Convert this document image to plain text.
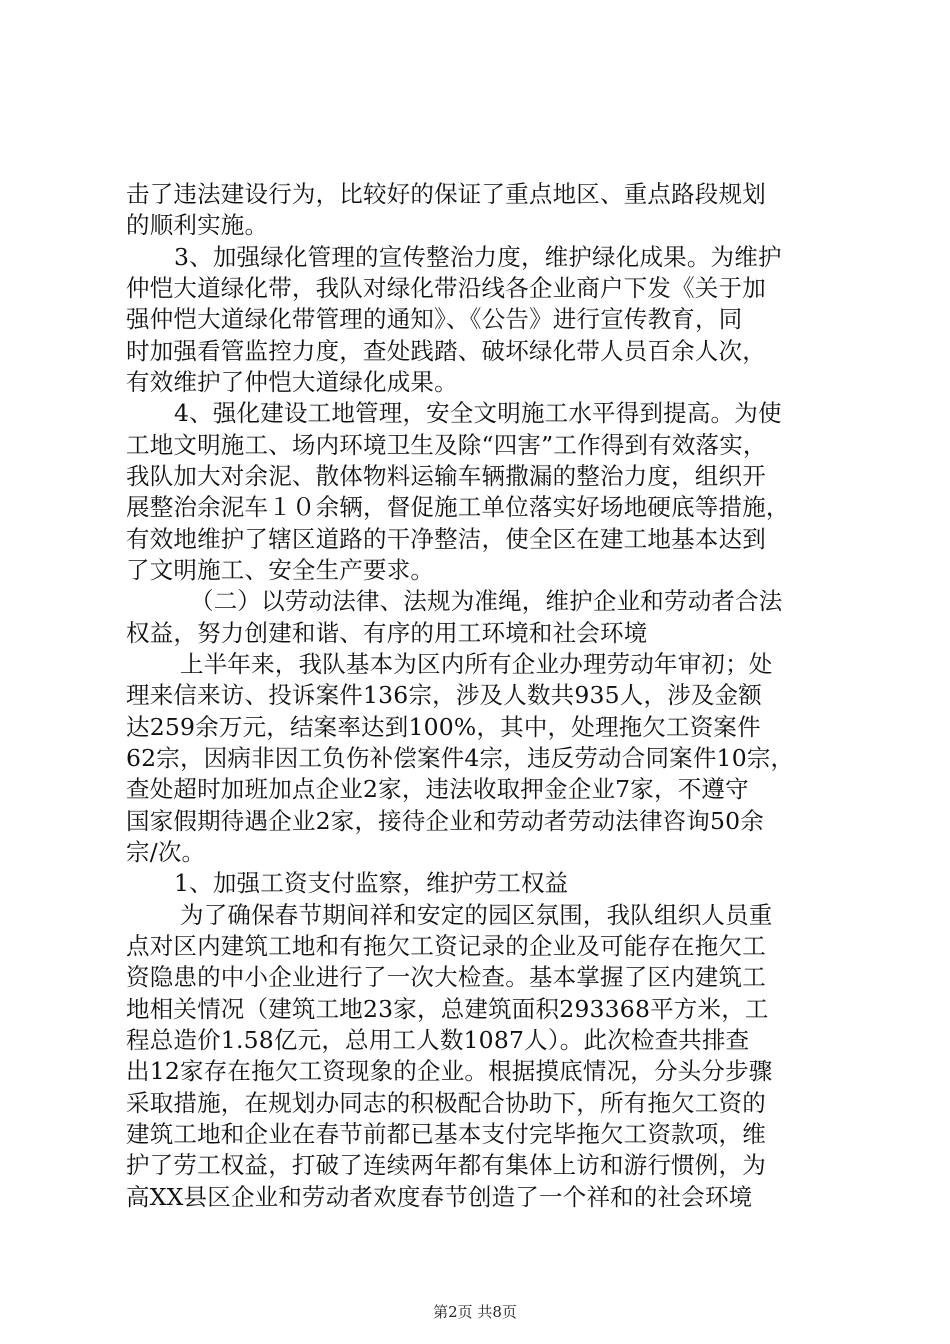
击了违法建设行为，比较好的保证了重点地区、重点路段规划
的顺利实施。
3、加强绿化管理的宣传整治力度，维护绿化成果。为维护
仲恺大道绿化带，我队对绿化带沿线各企业商户下发《关于加
强仲恺大道绿化带管理的通知》、《公告》进行宣传教育，同
时加强看管监控力度，查处践踏、破坏绿化带人员百余人次，
有效维护了仲恺大道绿化成果。
4、强化建设工地管理，安全文明施工水平得到提高。为使
工地文明施工、场内环境卫生及除“四害”工作得到有效落实，
我队加大对余泥、散体物料运输车辆撒漏的整治力度，组织开
展整治余泥车１０余辆，督促施工单位落实好场地硬底等措施，
有效地维护了辖区道路的干净整洁，使全区在建工地基本达到
了文明施工、安全生产要求。
（二）以劳动法律、法规为准绳，维护企业和劳动者合法
权益，努力创建和谐、有序的用工环境和社会环境
上半年来，我队基本为区内所有企业办理劳动年审初；处
理来信来访、投诉案件136宗，涉及人数共935人，涉及金额
达259余万元，结案率达到100%，其中，处理拖欠工资案件
62宗，因病非因工负伤补偿案件4宗，违反劳动合同案件10宗，
查处超时加班加点企业2家，违法收取押金企业7家，不遵守
国家假期待遇企业2家，接待企业和劳动者劳动法律咨询50余
宗/次。
1、加强工资支付监察，维护劳工权益
为了确保春节期间祥和安定的园区氛围，我队组织人员重
点对区内建筑工地和有拖欠工资记录的企业及可能存在拖欠工
资隐患的中小企业进行了一次大检查。基本掌握了区内建筑工
地相关情况（建筑工地23家，总建筑面积293368平方米，工
程总造价1.58亿元，总用工人数1087人）。此次检查共排查
出12家存在拖欠工资现象的企业。根据摸底情况，分头分步骤
采取措施，在规划办同志的积极配合协助下，所有拖欠工资的
建筑工地和企业在春节前都已基本支付完毕拖欠工资款项，维
护了劳工权益，打破了连续两年都有集体上访和游行惯例，为
高XX县区企业和劳动者欢度春节创造了一个祥和的社会环境
第2页 共8页
